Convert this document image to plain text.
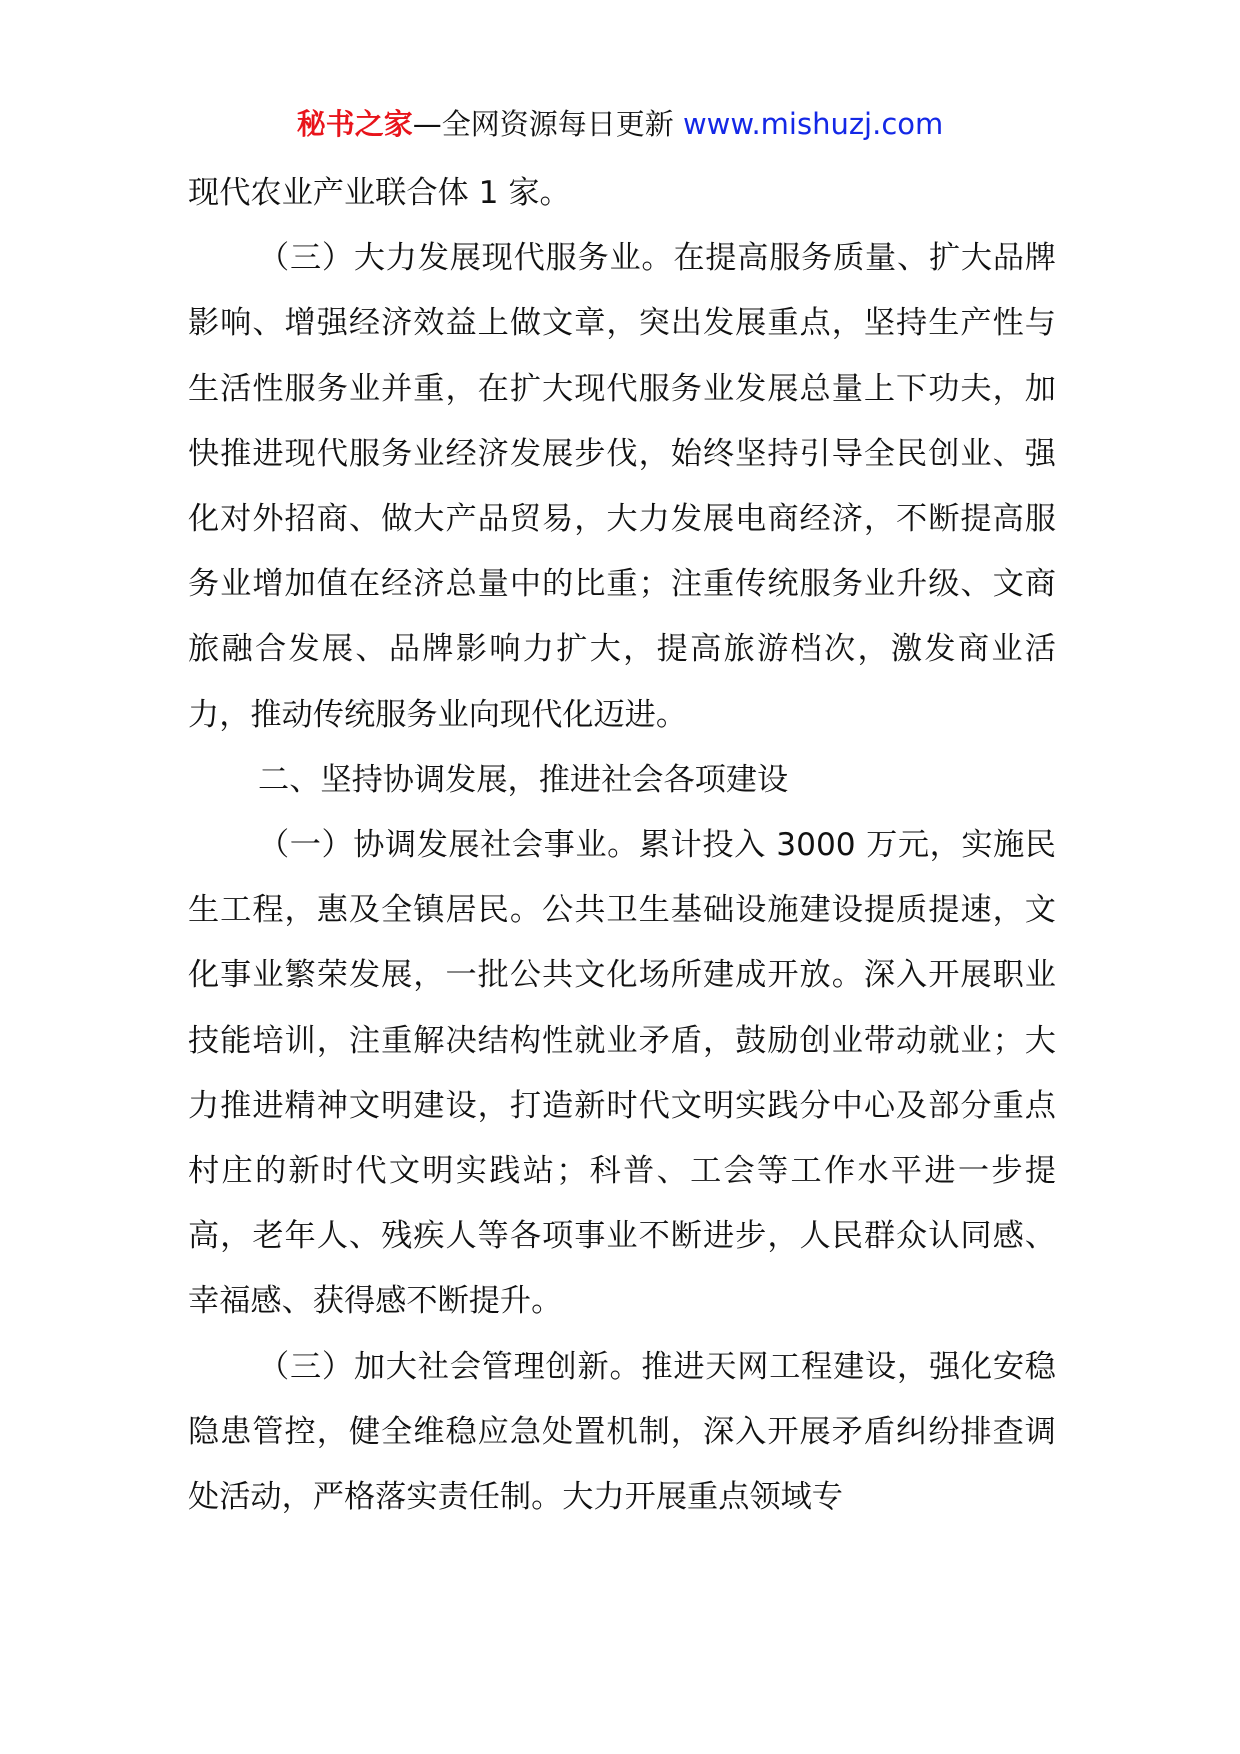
秘书之家—全网资源每日更新 www.mishuzj.com

现代农业产业联合体 1 家。

（三）大力发展现代服务业。在提高服务质量、扩大品牌影响、增强经济效益上做文章，突出发展重点，坚持生产性与生活性服务业并重，在扩大现代服务业发展总量上下功夫，加快推进现代服务业经济发展步伐，始终坚持引导全民创业、强化对外招商、做大产品贸易，大力发展电商经济，不断提高服务业增加值在经济总量中的比重；注重传统服务业升级、文商旅融合发展、品牌影响力扩大，提高旅游档次，激发商业活力，推动传统服务业向现代化迈进。

二、坚持协调发展，推进社会各项建设

（一）协调发展社会事业。累计投入 3000 万元，实施民生工程，惠及全镇居民。公共卫生基础设施建设提质提速，文化事业繁荣发展，一批公共文化场所建成开放。深入开展职业技能培训，注重解决结构性就业矛盾，鼓励创业带动就业；大力推进精神文明建设，打造新时代文明实践分中心及部分重点村庄的新时代文明实践站；科普、工会等工作水平进一步提高，老年人、残疾人等各项事业不断进步，人民群众认同感、幸福感、获得感不断提升。

（三）加大社会管理创新。推进天网工程建设，强化安稳隐患管控，健全维稳应急处置机制，深入开展矛盾纠纷排查调处活动，严格落实责任制。大力开展重点领域专
